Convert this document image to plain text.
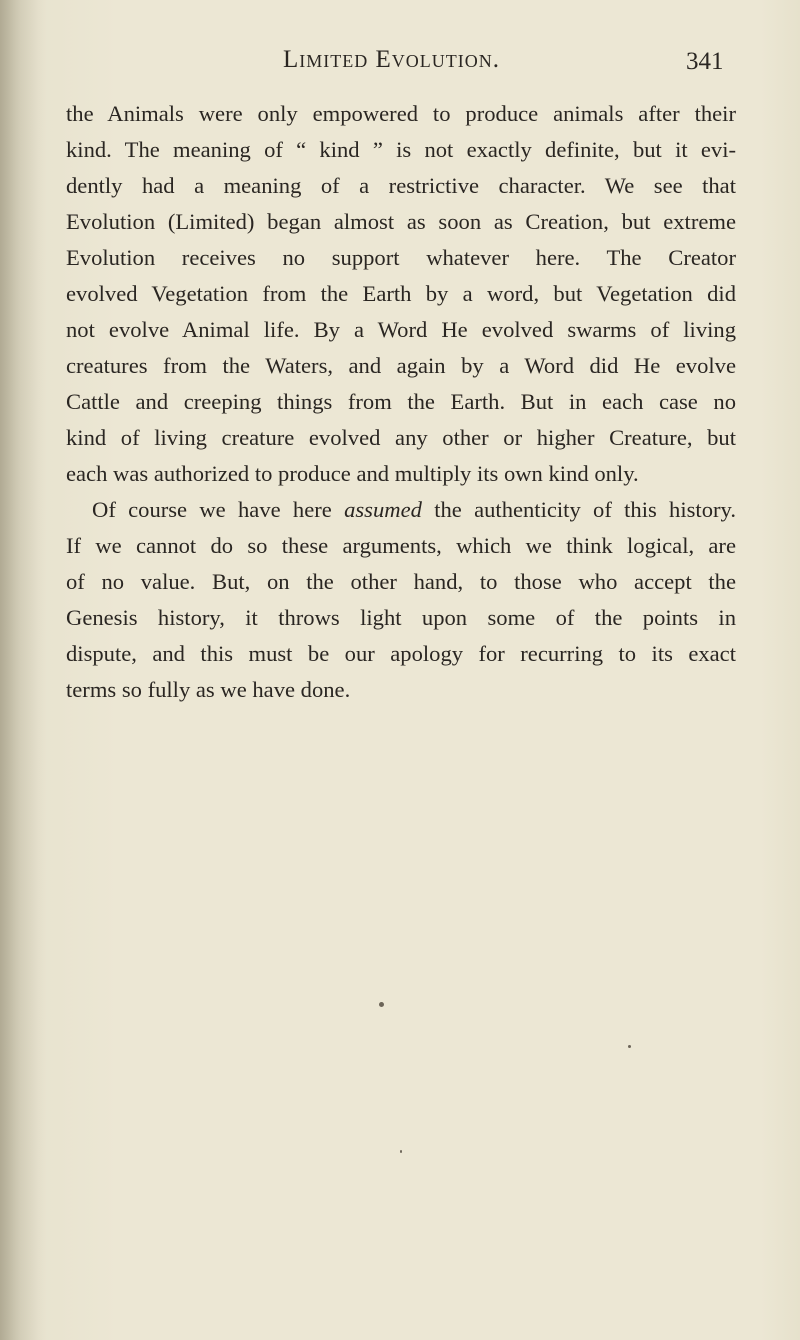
Limited Evolution.	341
the Animals were only empowered to produce animals after their
kind. The meaning of “ kind ” is not exactly definite, but it evi-
dently had a meaning of a restrictive character. We see that
Evolution (Limited) began almost as soon as Creation, but extreme
Evolution receives no support whatever here. The Creator
evolved Vegetation from the Earth by a word, but Vegetation did
not evolve Animal life. By a Word He evolved swarms of living
creatures from the Waters, and again by a Word did He evolve
Cattle and creeping things from the Earth. But in each case no
kind of living creature evolved any other or higher Creature, but
each was authorized to produce and multiply its own kind only.
Of course we have here assumed the authenticity of this history.
If we cannot do so these arguments, which we think logical, are
of no value. But, on the other hand, to those who accept the
Genesis history, it throws light upon some of the points in
dispute, and this must be our apology for recurring to its exact
terms so fully as we have done.
